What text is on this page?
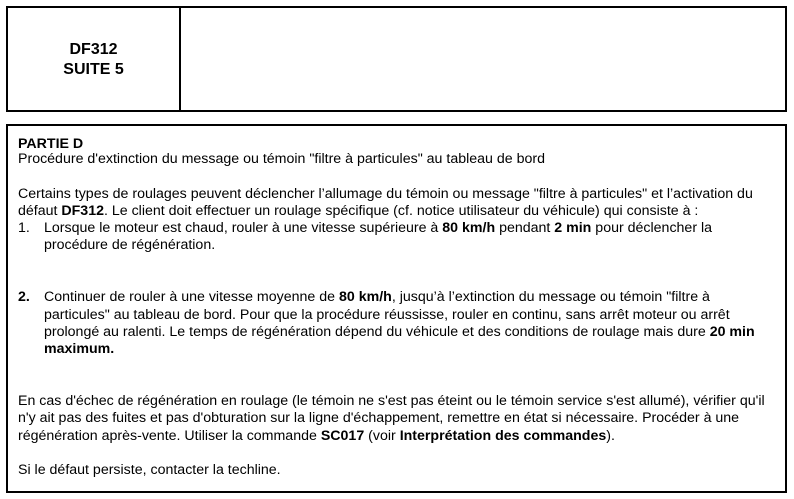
DF312
SUITE 5

PARTIE D

Procédure d'extinction du message ou témoin "filtre à particules" au tableau de bord

Certains types de roulages peuvent déclencher l’allumage du témoin ou message "filtre à particules" et l’activation du défaut DF312. Le client doit effectuer un roulage spécifique (cf. notice utilisateur du véhicule) qui consiste à :

1. Lorsque le moteur est chaud, rouler à une vitesse supérieure à 80 km/h pendant 2 min pour déclencher la procédure de régénération.
2. Continuer de rouler à une vitesse moyenne de 80 km/h, jusqu’à l’extinction du message ou témoin "filtre à particules" au tableau de bord. Pour que la procédure réussisse, rouler en continu, sans arrêt moteur ou arrêt prolongé au ralenti. Le temps de régénération dépend du véhicule et des conditions de roulage mais dure 20 min maximum.

En cas d'échec de régénération en roulage (le témoin ne s'est pas éteint ou le témoin service s'est allumé), vérifier qu'il n'y ait pas des fuites et pas d'obturation sur la ligne d'échappement, remettre en état si nécessaire. Procéder à une régénération après-vente. Utiliser la commande SC017 (voir Interprétation des commandes).

Si le défaut persiste, contacter la techline.
